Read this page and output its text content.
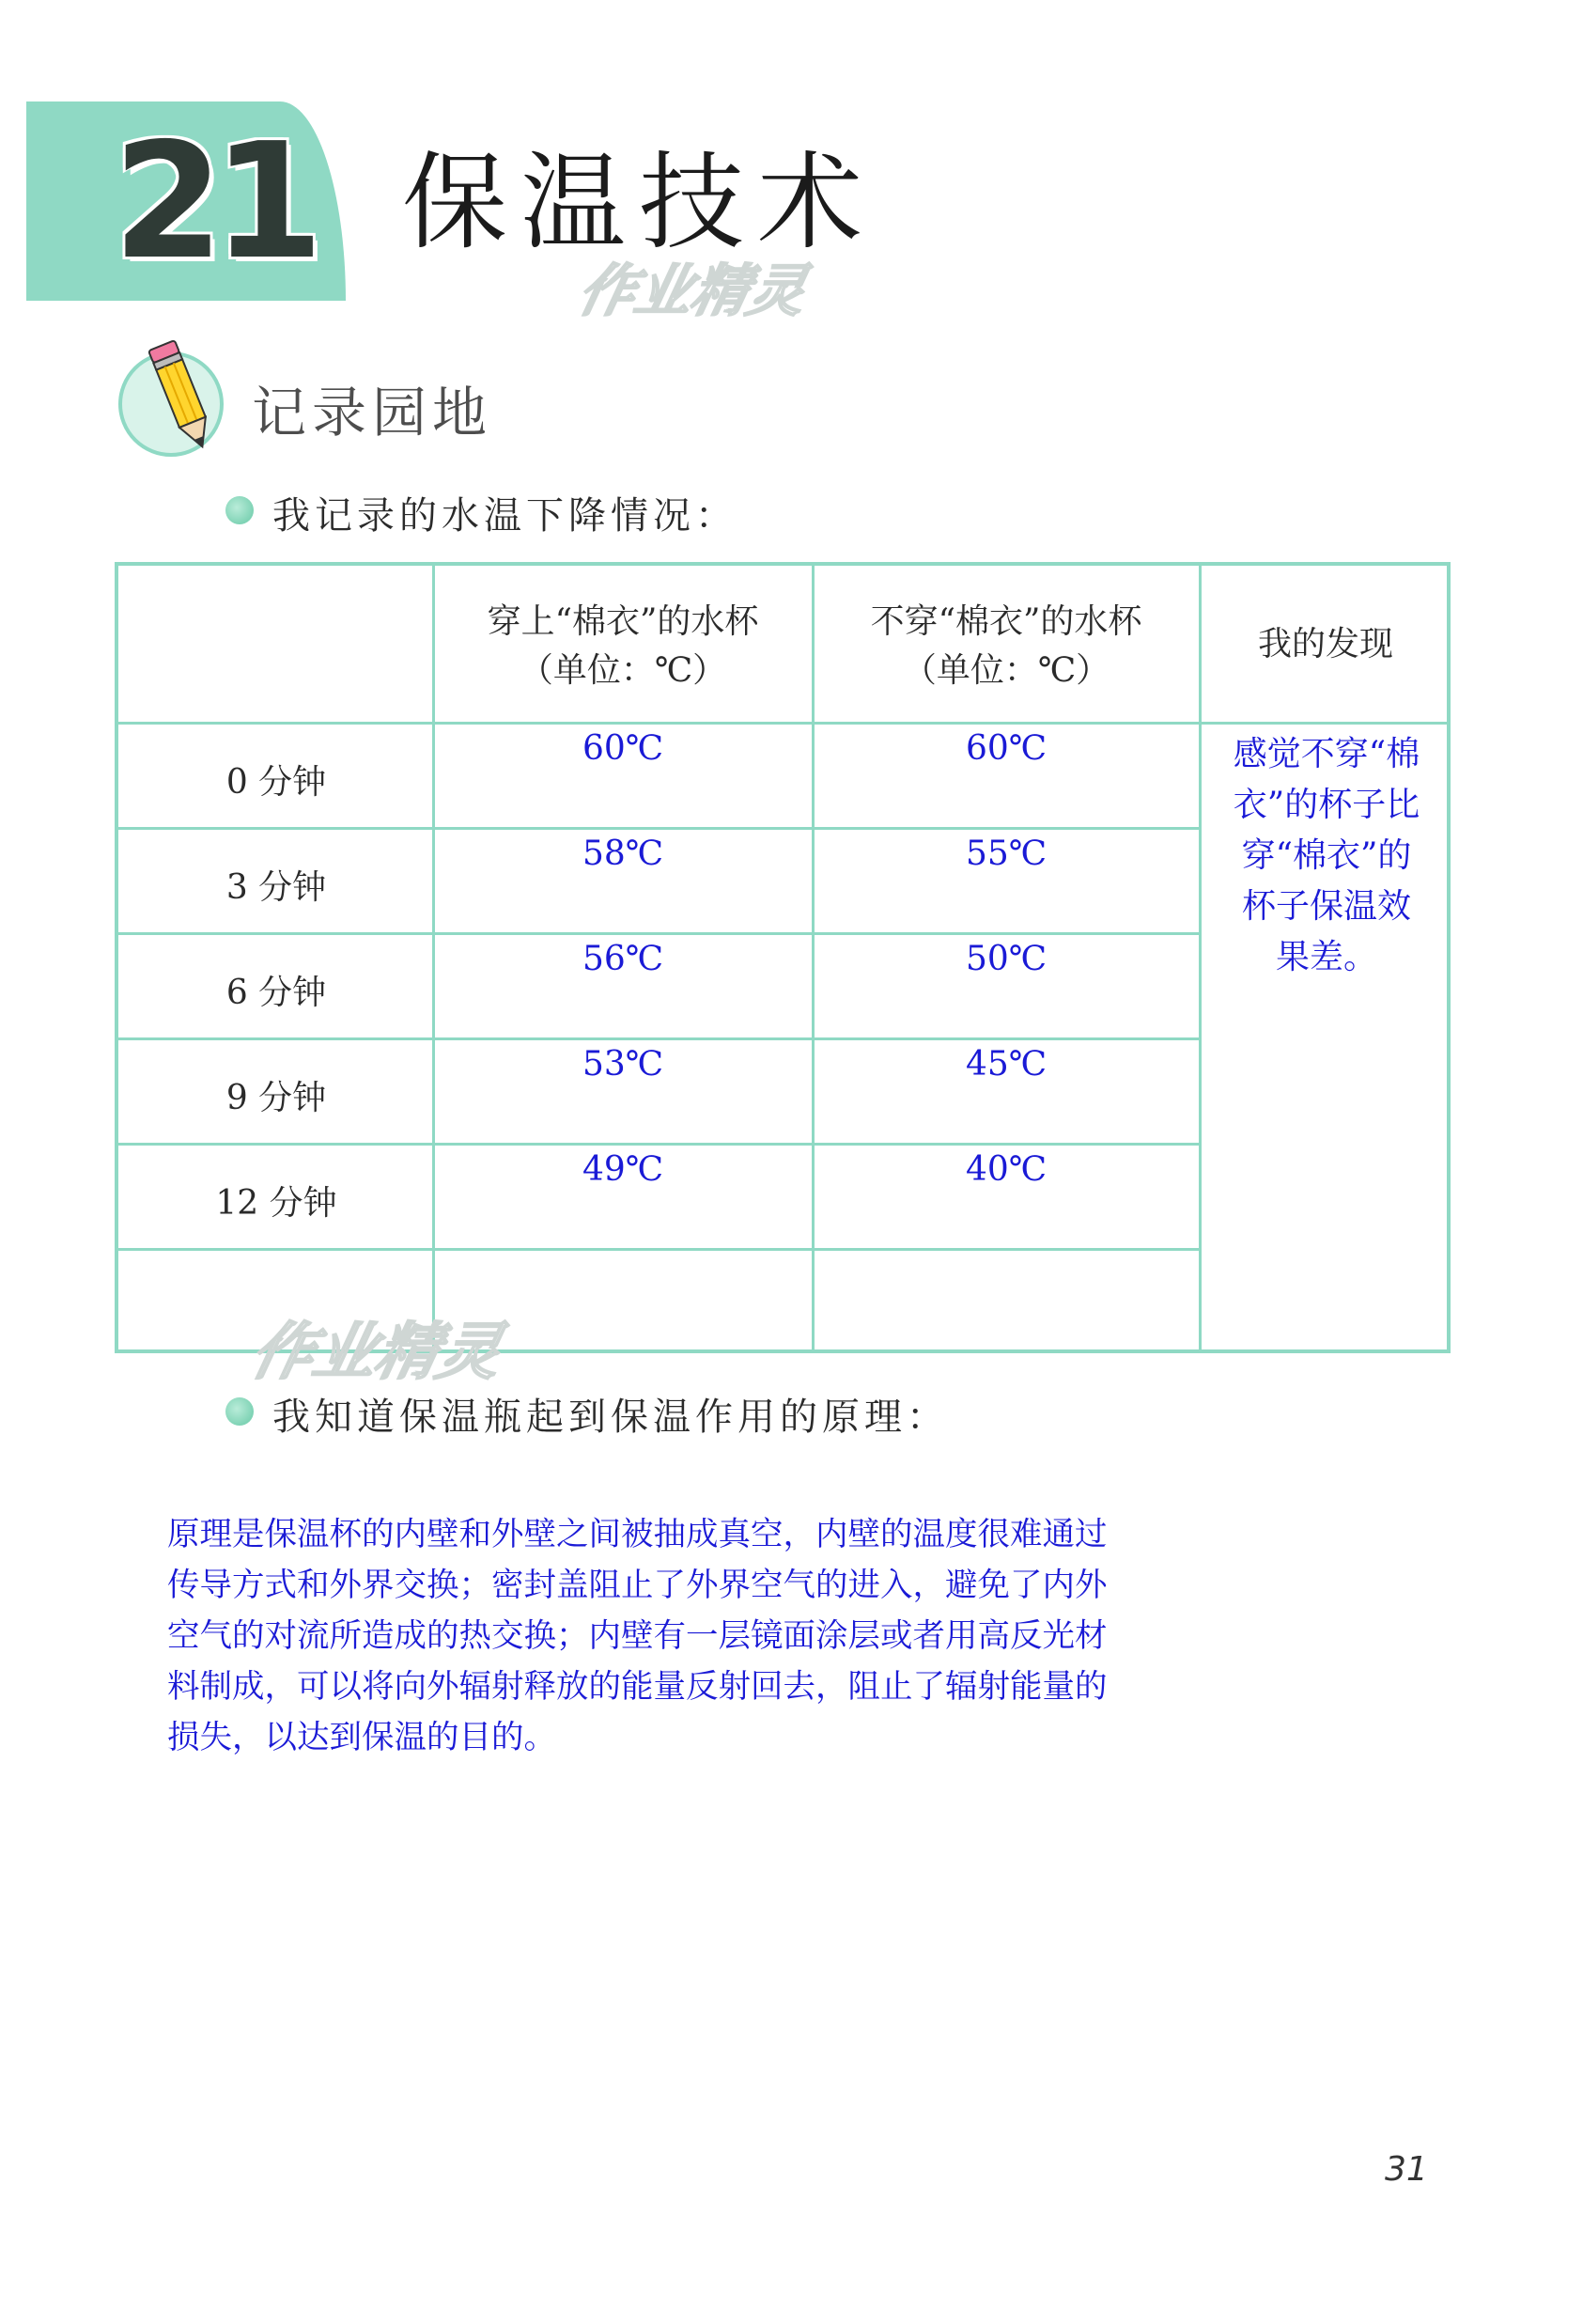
21 保温技术
作业精灵
记录园地
我记录的水温下降情况：
穿上“棉衣”的水杯
（单位：℃）
不穿“棉衣”的水杯
（单位：℃）
我的发现
0 分钟
3 分钟
6 分钟
9 分钟
12 分钟
60℃
58℃
56℃
53℃
49℃
60℃
55℃
50℃
45℃
40℃
感觉不穿“棉
衣”的杯子比
穿“棉衣”的
杯子保温效
果差。
作业精灵
我知道保温瓶起到保温作用的原理：
原理是保温杯的内壁和外壁之间被抽成真空，内壁的温度很难通过
传导方式和外界交换；密封盖阻止了外界空气的进入，避免了内外
空气的对流所造成的热交换；内壁有一层镜面涂层或者用高反光材
料制成，可以将向外辐射释放的能量反射回去，阻止了辐射能量的
损失，以达到保温的目的。
31
